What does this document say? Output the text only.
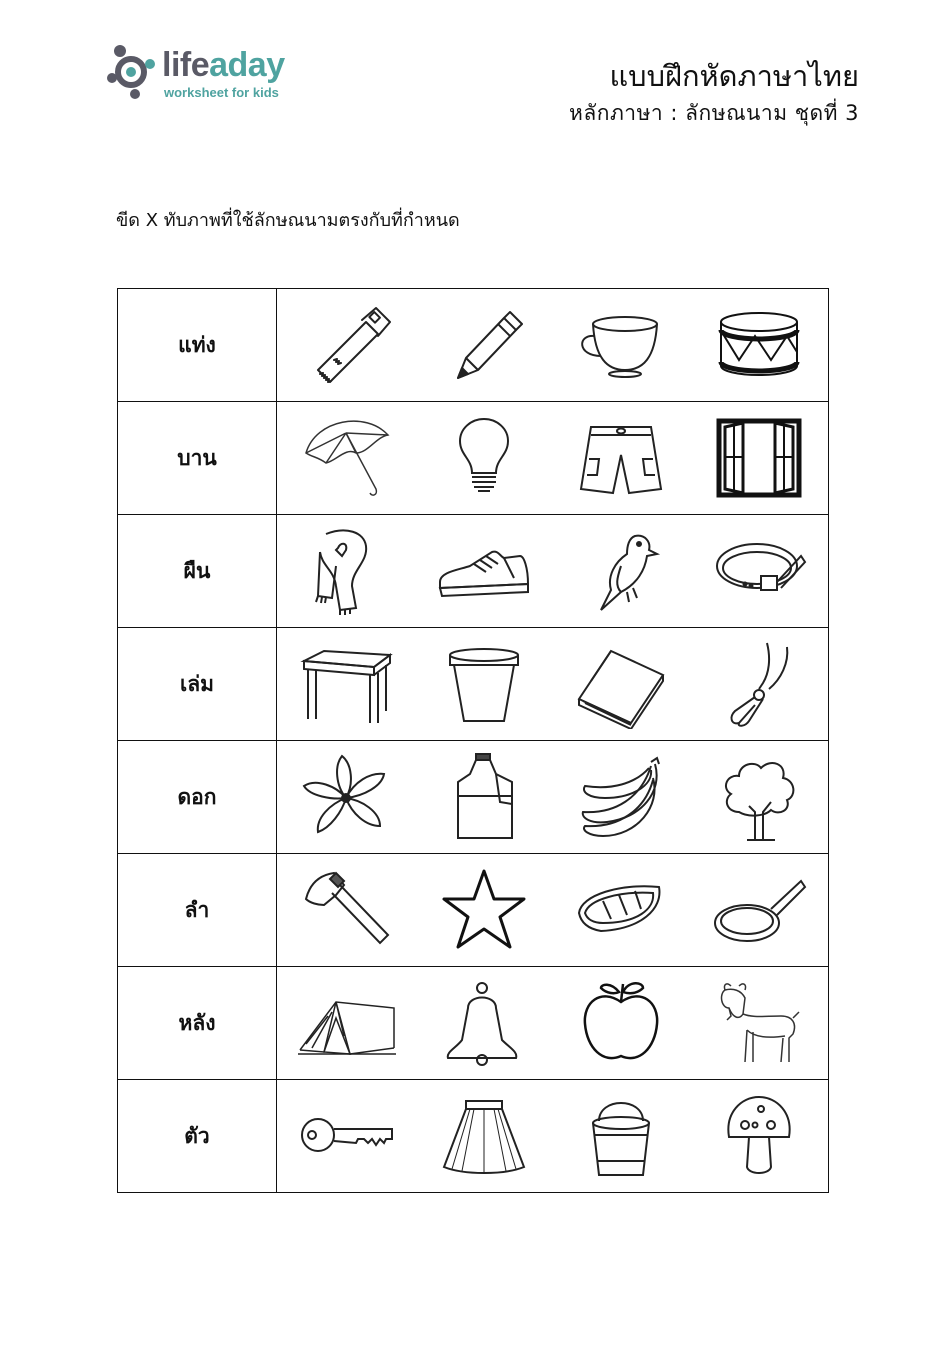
lifeaday
worksheet for kids	แบบฝึกหัดภาษาไทย
หลักภาษา : ลักษณนาม ชุดที่ 3
ขีด X ทับภาพที่ใช้ลักษณนามตรงกับที่กำหนด
แท่ง	

บาน	

ผืน	

เล่ม	

ดอก	

ลำ	

หลัง	

ตัว	
